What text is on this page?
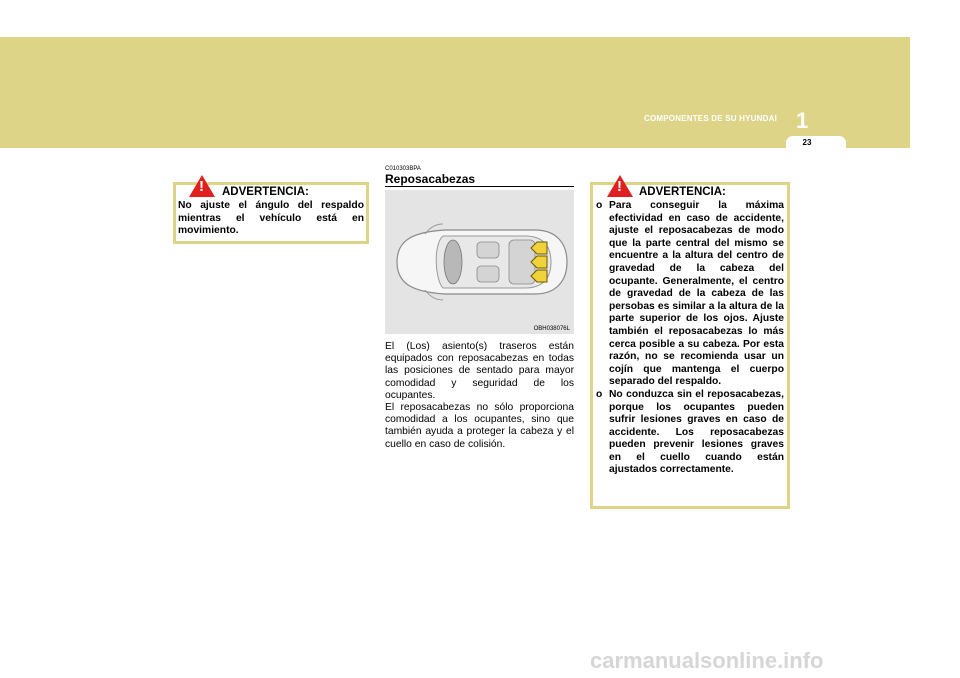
COMPONENTES DE SU HYUNDAI 1
23
! ADVERTENCIA:
No ajuste el ángulo del respaldo mientras el vehículo está en movimiento.
C010303BPA
Reposacabezas
OBH038076L

El (Los) asiento(s) traseros están equipados con reposacabezas en todas las posiciones de sentado para mayor comodidad y seguridad de los ocupantes.

El reposacabezas no sólo proporciona comodidad a los ocupantes, sino que también ayuda a proteger la cabeza y el cuello en caso de colisión.

! ADVERTENCIA:
o Para conseguir la máxima efectividad en caso de accidente, ajuste el reposacabezas de modo que la parte central del mismo se encuentre a la altura del centro de gravedad de la cabeza del ocupante. Generalmente, el centro de gravedad de la cabeza de las persobas es similar a la altura de la parte superior de los ojos. Ajuste también el reposacabezas lo más cerca posible a su cabeza. Por esta razón, no se recomienda usar un cojín que mantenga el cuerpo separado del respaldo.
o No conduzca sin el reposacabezas, porque los ocupantes pueden sufrir lesiones graves en caso de accidente. Los reposacabezas pueden prevenir lesiones graves en el cuello cuando están ajustados correctamente.
carmanualsonline.info
